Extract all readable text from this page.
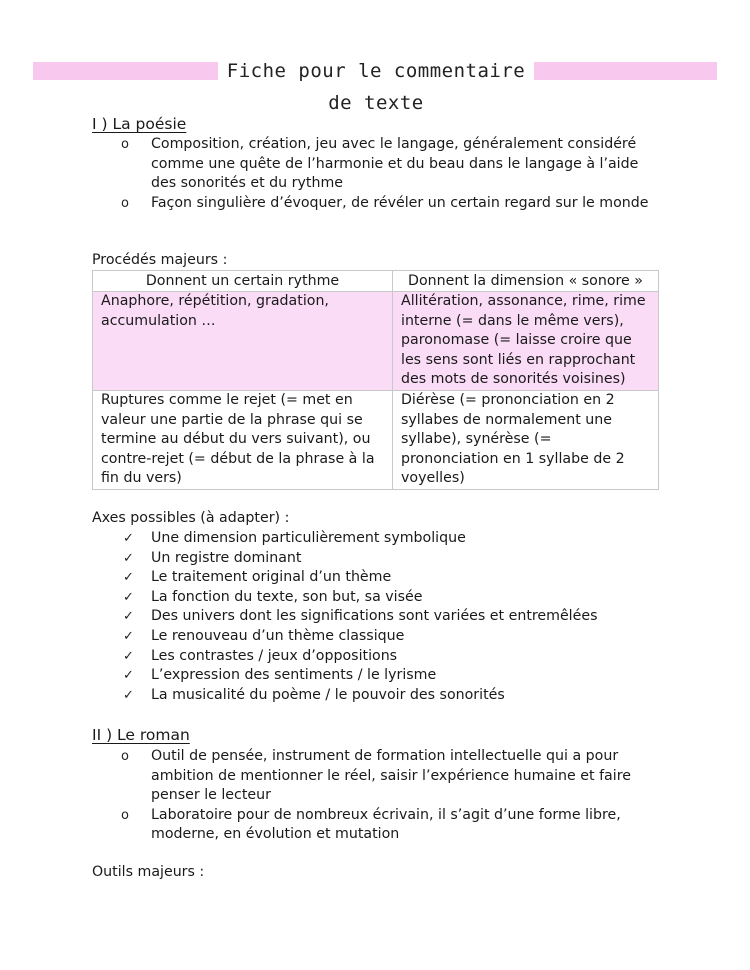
Fiche pour le commentaire de texte
I ) La poésie
o Composition, création, jeu avec le langage, généralement considéré comme une quête de l’harmonie et du beau dans le langage à l’aide des sonorités et du rythme
o Façon singulière d’évoquer, de révéler un certain regard sur le monde
Procédés majeurs :
Donnent un certain rythme	Donnent la dimension « sonore »
Anaphore, répétition, gradation, accumulation …	Allitération, assonance, rime, rime interne (= dans le même vers), paronomase (= laisse croire que les sens sont liés en rapprochant des mots de sonorités voisines)
Ruptures comme le rejet (= met en valeur une partie de la phrase qui se termine au début du vers suivant), ou contre-rejet (= début de la phrase à la fin du vers)	Diérèse (= prononciation en 2 syllabes de normalement une syllabe), synérèse (= prononciation en 1 syllabe de 2 voyelles)
Axes possibles (à adapter) :
✓ Une dimension particulièrement symbolique
✓ Un registre dominant
✓ Le traitement original d’un thème
✓ La fonction du texte, son but, sa visée
✓ Des univers dont les significations sont variées et entremêlées
✓ Le renouveau d’un thème classique
✓ Les contrastes / jeux d’oppositions
✓ L’expression des sentiments / le lyrisme
✓ La musicalité du poème / le pouvoir des sonorités
II ) Le roman
o Outil de pensée, instrument de formation intellectuelle qui a pour ambition de mentionner le réel, saisir l’expérience humaine et faire penser le lecteur
o Laboratoire pour de nombreux écrivain, il s’agit d’une forme libre, moderne, en évolution et mutation
Outils majeurs :
